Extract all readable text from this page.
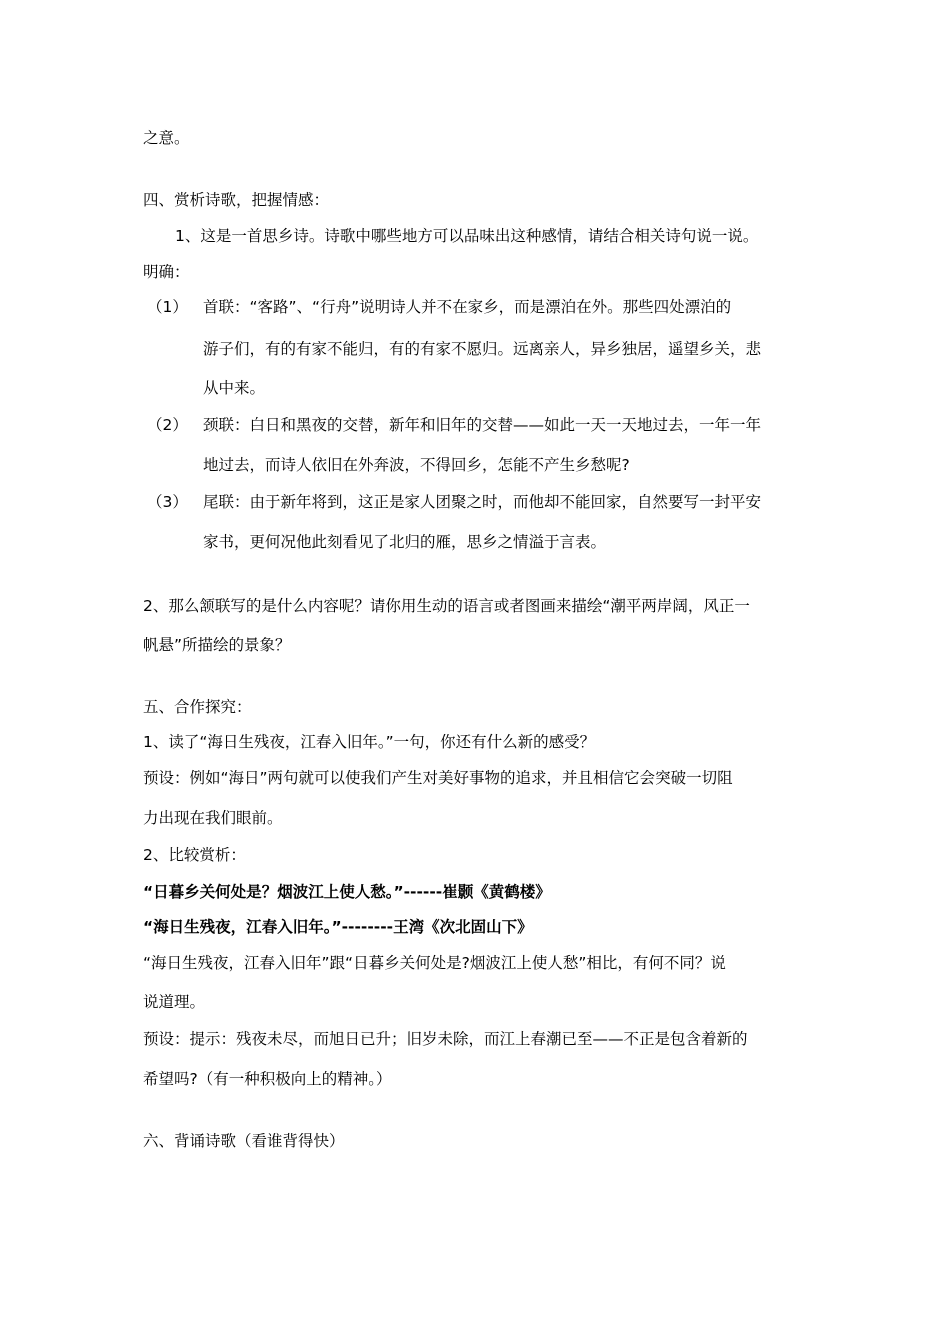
之意。
四、赏析诗歌，把握情感：
1、这是一首思乡诗。诗歌中哪些地方可以品味出这种感情，请结合相关诗句说一说。
明确：
（1） 首联：“客路”、“行舟”说明诗人并不在家乡，而是漂泊在外。那些四处漂泊的
游子们，有的有家不能归，有的有家不愿归。远离亲人，异乡独居，遥望乡关，悲
从中来。
（2） 颈联：白日和黑夜的交替，新年和旧年的交替——如此一天一天地过去，一年一年
地过去，而诗人依旧在外奔波，不得回乡，怎能不产生乡愁呢?
（3） 尾联：由于新年将到，这正是家人团聚之时，而他却不能回家，自然要写一封平安
家书，更何况他此刻看见了北归的雁，思乡之情溢于言表。
2、那么颔联写的是什么内容呢？请你用生动的语言或者图画来描绘“潮平两岸阔，风正一
帆悬”所描绘的景象？
五、合作探究：
1、读了“海日生残夜，江春入旧年。”一句，你还有什么新的感受？
预设：例如“海日”两句就可以使我们产生对美好事物的追求，并且相信它会突破一切阻
力出现在我们眼前。
2、比较赏析：
“日暮乡关何处是？烟波江上使人愁。”------崔颢《黄鹤楼》
“海日生残夜，江春入旧年。”--------王湾《次北固山下》
“海日生残夜，江春入旧年”跟“日暮乡关何处是?烟波江上使人愁”相比，有何不同？说
说道理。
预设：提示：残夜未尽，而旭日已升；旧岁未除，而江上春潮已至——不正是包含着新的
希望吗?（有一种积极向上的精神。）
六、背诵诗歌（看谁背得快）
